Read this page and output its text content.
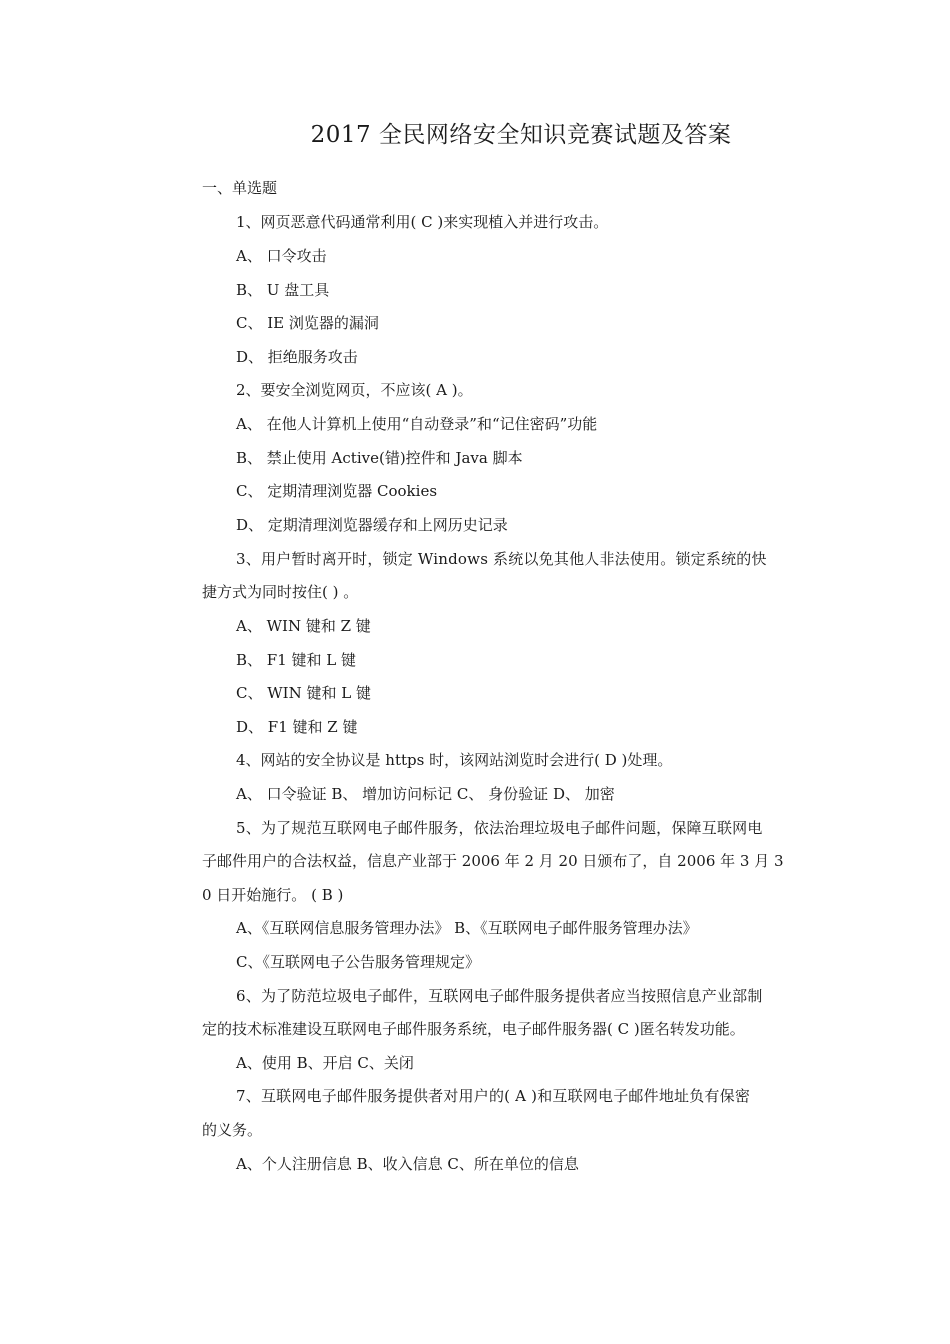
2017 全民网络安全知识竞赛试题及答案
一、单选题
1、网页恶意代码通常利用( C )来实现植入并进行攻击。
A、 口令攻击
B、 U 盘工具
C、 IE 浏览器的漏洞
D、 拒绝服务攻击
2、要安全浏览网页，不应该( A )。
A、 在他人计算机上使用“自动登录”和“记住密码”功能
B、 禁止使用 Active(错)控件和 Java 脚本
C、 定期清理浏览器 Cookies
D、 定期清理浏览器缓存和上网历史记录
3、用户暂时离开时，锁定 Windows 系统以免其他人非法使用。锁定系统的快
捷方式为同时按住( ) 。
A、 WIN 键和 Z 键
B、 F1 键和 L 键
C、 WIN 键和 L 键
D、 F1 键和 Z 键
4、网站的安全协议是 https 时，该网站浏览时会进行( D )处理。
A、 口令验证 B、 增加访问标记 C、 身份验证 D、 加密
5、为了规范互联网电子邮件服务，依法治理垃圾电子邮件问题，保障互联网电
子邮件用户的合法权益，信息产业部于 2006 年 2 月 20 日颁布了，自 2006 年 3 月 3
0 日开始施行。 ( B )
A、《互联网信息服务管理办法》 B、《互联网电子邮件服务管理办法》
C、《互联网电子公告服务管理规定》
6、为了防范垃圾电子邮件，互联网电子邮件服务提供者应当按照信息产业部制
定的技术标准建设互联网电子邮件服务系统，电子邮件服务器( C )匿名转发功能。
A、使用 B、开启 C、关闭
7、互联网电子邮件服务提供者对用户的( A )和互联网电子邮件地址负有保密
的义务。
A、个人注册信息 B、收入信息 C、所在单位的信息
